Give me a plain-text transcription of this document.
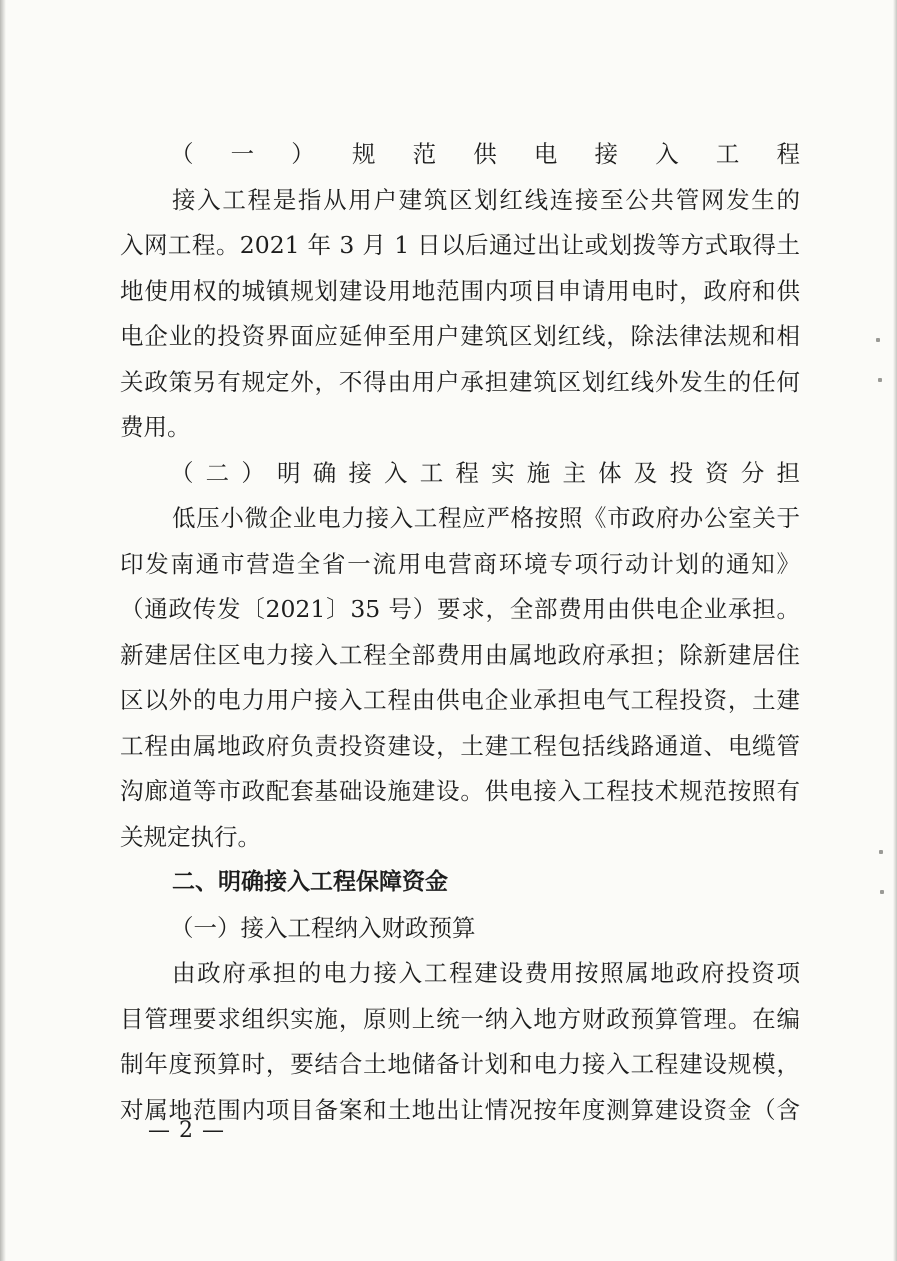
（一）规范供电接入工程

接入工程是指从用户建筑区划红线连接至公共管网发生的

入网工程。2021 年 3 月 1 日以后通过出让或划拨等方式取得土

地使用权的城镇规划建设用地范围内项目申请用电时，政府和供

电企业的投资界面应延伸至用户建筑区划红线，除法律法规和相

关政策另有规定外，不得由用户承担建筑区划红线外发生的任何

费用。

（二）明确接入工程实施主体及投资分担

低压小微企业电力接入工程应严格按照《市政府办公室关于

印发南通市营造全省一流用电营商环境专项行动计划的通知》

（通政传发〔2021〕35 号）要求，全部费用由供电企业承担。

新建居住区电力接入工程全部费用由属地政府承担；除新建居住

区以外的电力用户接入工程由供电企业承担电气工程投资，土建

工程由属地政府负责投资建设，土建工程包括线路通道、电缆管

沟廊道等市政配套基础设施建设。供电接入工程技术规范按照有

关规定执行。

二、明确接入工程保障资金

（一）接入工程纳入财政预算

由政府承担的电力接入工程建设费用按照属地政府投资项

目管理要求组织实施，原则上统一纳入地方财政预算管理。在编

制年度预算时，要结合土地储备计划和电力接入工程建设规模，

对属地范围内项目备案和土地出让情况按年度测算建设资金（含

— 2 —
